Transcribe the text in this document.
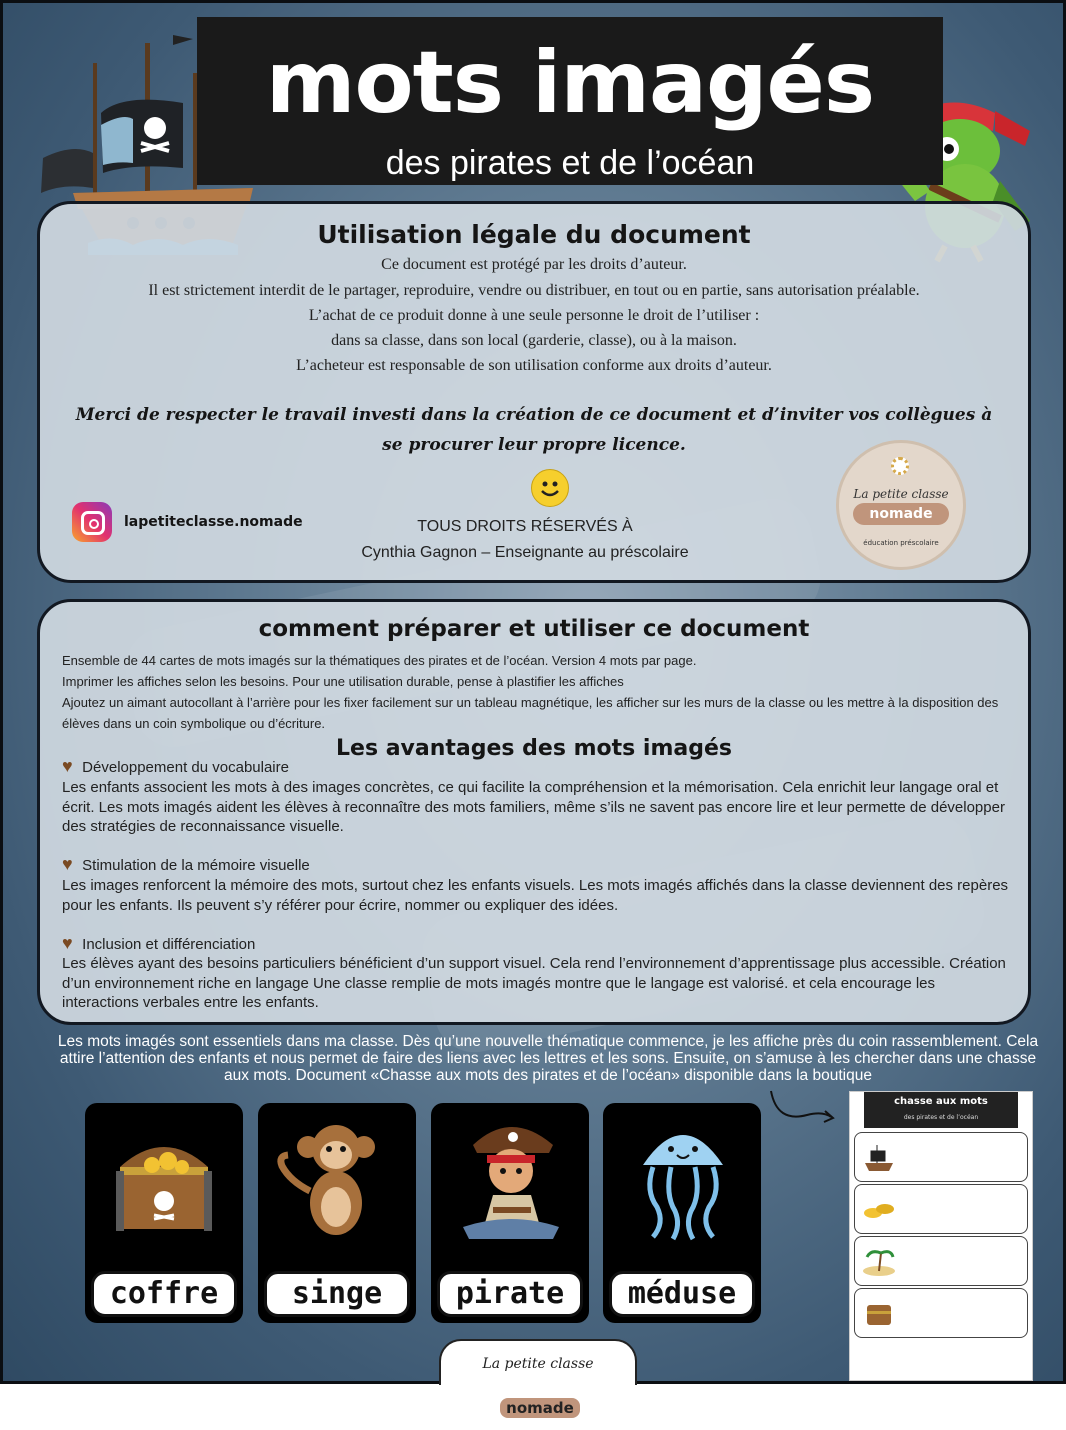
mots imagés
des pirates et de l’océan
Utilisation légale du document
Ce document est protégé par les droits d’auteur.
Il est strictement interdit de le partager, reproduire, vendre ou distribuer, en tout ou en partie, sans autorisation préalable.
L’achat de ce produit donne à une seule personne le droit de l’utiliser :
dans sa classe, dans son local (garderie, classe), ou à la maison.
L’acheteur est responsable de son utilisation conforme aux droits d’auteur.
Merci de respecter le travail investi dans la création de ce document et d’inviter vos collègues à se procurer leur propre licence.
lapetiteclasse.nomade	TOUS DROITS RÉSERVÉS À
Cynthia Gagnon – Enseignante au préscolaire
La petite classe
nomade
éducation préscolaire
comment préparer et utiliser ce document
Ensemble de 44 cartes de mots imagés sur la thématiques des pirates et de l’océan. Version 4 mots par page.
Imprimer les affiches selon les besoins. Pour une utilisation durable, pense à plastifier les affiches
Ajoutez un aimant autocollant à l’arrière pour les fixer facilement sur un tableau magnétique, les afficher sur les murs de la classe ou les mettre à la disposition des élèves dans un coin symbolique ou d’écriture.
Les avantages des mots imagés
♥ Développement du vocabulaire
Les enfants associent les mots à des images concrètes, ce qui facilite la compréhension et la mémorisation. Cela enrichit leur langage oral et écrit. Les mots imagés aident les élèves à reconnaître des mots familiers, même s’ils ne savent pas encore lire et leur permette de développer des stratégies de reconnaissance visuelle.
♥ Stimulation de la mémoire visuelle
Les images renforcent la mémoire des mots, surtout chez les enfants visuels. Les mots imagés affichés dans la classe deviennent des repères pour les enfants. Ils peuvent s’y référer pour écrire, nommer ou expliquer des idées.
♥ Inclusion et différenciation
Les élèves ayant des besoins particuliers bénéficient d’un support visuel. Cela rend l’environnement d’apprentissage plus accessible. Création d’un environnement riche en langage Une classe remplie de mots imagés montre que le langage est valorisé. et cela encourage les interactions verbales entre les enfants.
Les mots imagés sont essentiels dans ma classe. Dès qu’une nouvelle thématique commence, je les affiche près du coin rassemblement. Cela attire l’attention des enfants et nous permet de faire des liens avec les lettres et les sons. Ensuite, on s’amuse à les chercher dans une chasse aux mots. Document «Chasse aux mots des pirates et de l’océan» disponible dans la boutique
coffre	singe	pirate	méduse
chasse aux mots
des pirates et de l’océan
La petite classenomade
